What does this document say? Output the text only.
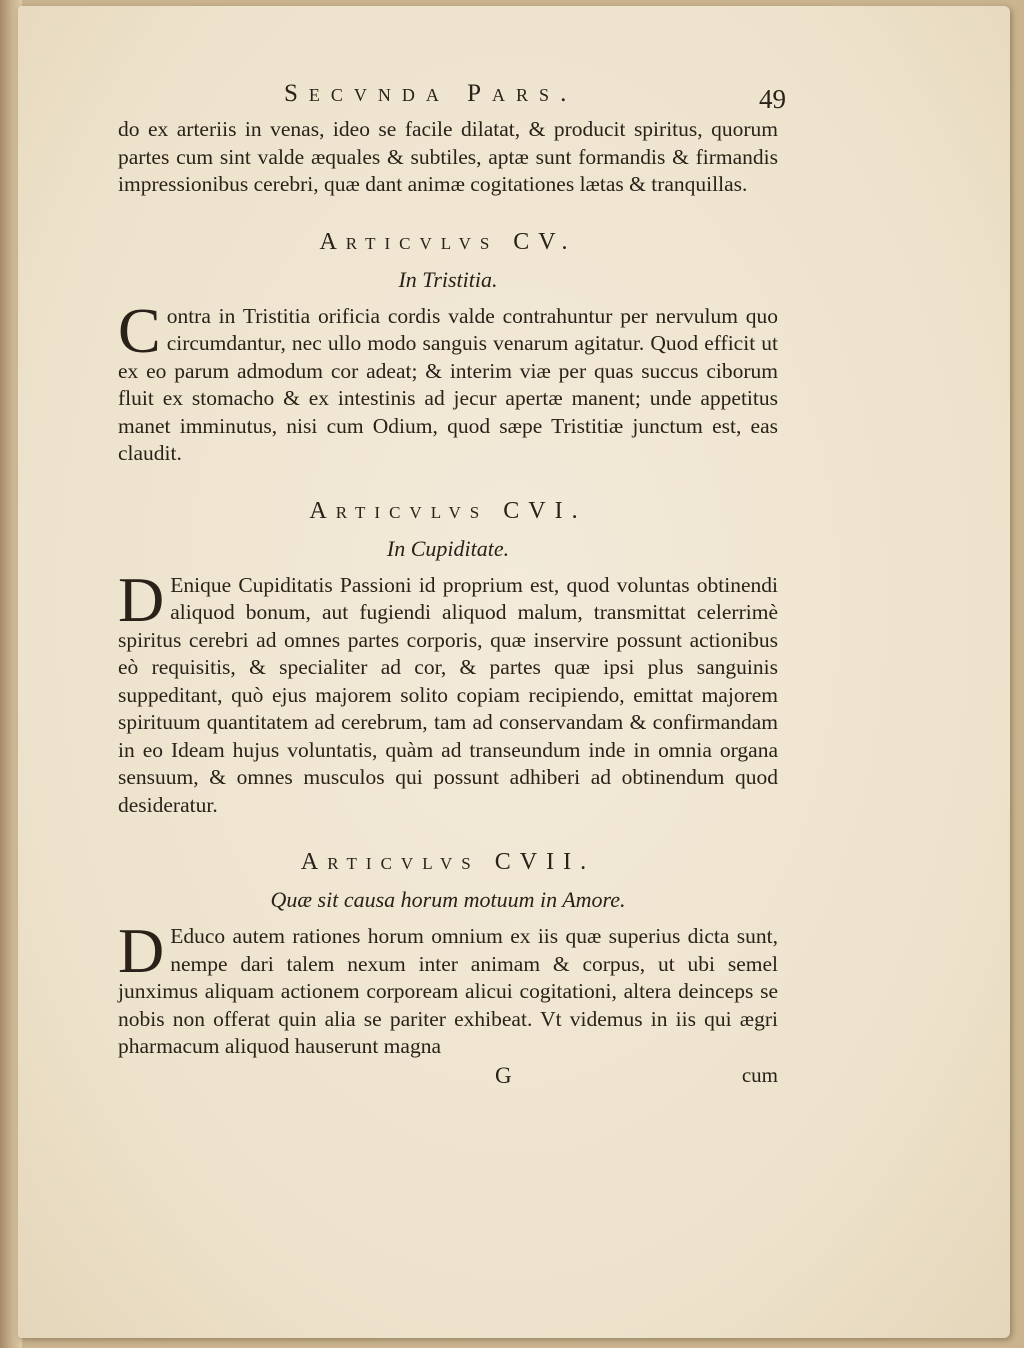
Secvnda Pars.	49

do ex arteriis in venas, ideo se facile dilatat, & producit spiritus, quorum partes cum sint valde æquales & subtiles, aptæ sunt formandis & firmandis impressionibus cerebri, quæ dant animæ cogitationes lætas & tranquillas.

Articvlvs CV.
In Tristitia.

Contra in Tristitia orificia cordis valde contrahuntur per nervulum quo circumdantur, nec ullo modo sanguis venarum agitatur. Quod efficit ut ex eo parum admodum cor adeat; & interim viæ per quas succus ciborum fluit ex stomacho & ex intestinis ad jecur apertæ manent; unde appetitus manet imminutus, nisi cum Odium, quod sæpe Tristitiæ junctum est, eas claudit.

Articvlvs CVI.
In Cupiditate.

D Enique Cupiditatis Passioni id proprium est, quod voluntas obtinendi aliquod bonum, aut fugiendi aliquod malum, transmittat celerrimè spiritus cerebri ad omnes partes corporis, quæ inservire possunt actionibus eò requisitis, & specialiter ad cor, & partes quæ ipsi plus sanguinis suppeditant, quò ejus majorem solito copiam recipiendo, emittat majorem spirituum quantitatem ad cerebrum, tam ad conservandam & confirmandam in eo Ideam hujus voluntatis, quàm ad transeundum inde in omnia organa sensuum, & omnes musculos qui possunt adhiberi ad obtinendum quod desideratur.

Articvlvs CVII.
Quæ sit causa horum motuum in Amore.

D Educo autem rationes horum omnium ex iis quæ superius dicta sunt, nempe dari talem nexum inter animam & corpus, ut ubi semel junximus aliquam actionem corpoream alicui cogitationi, altera deinceps se nobis non offerat quin alia se pariter exhibeat. Vt videmus in iis qui ægri pharmacum aliquod hauserunt magna

G	cum
